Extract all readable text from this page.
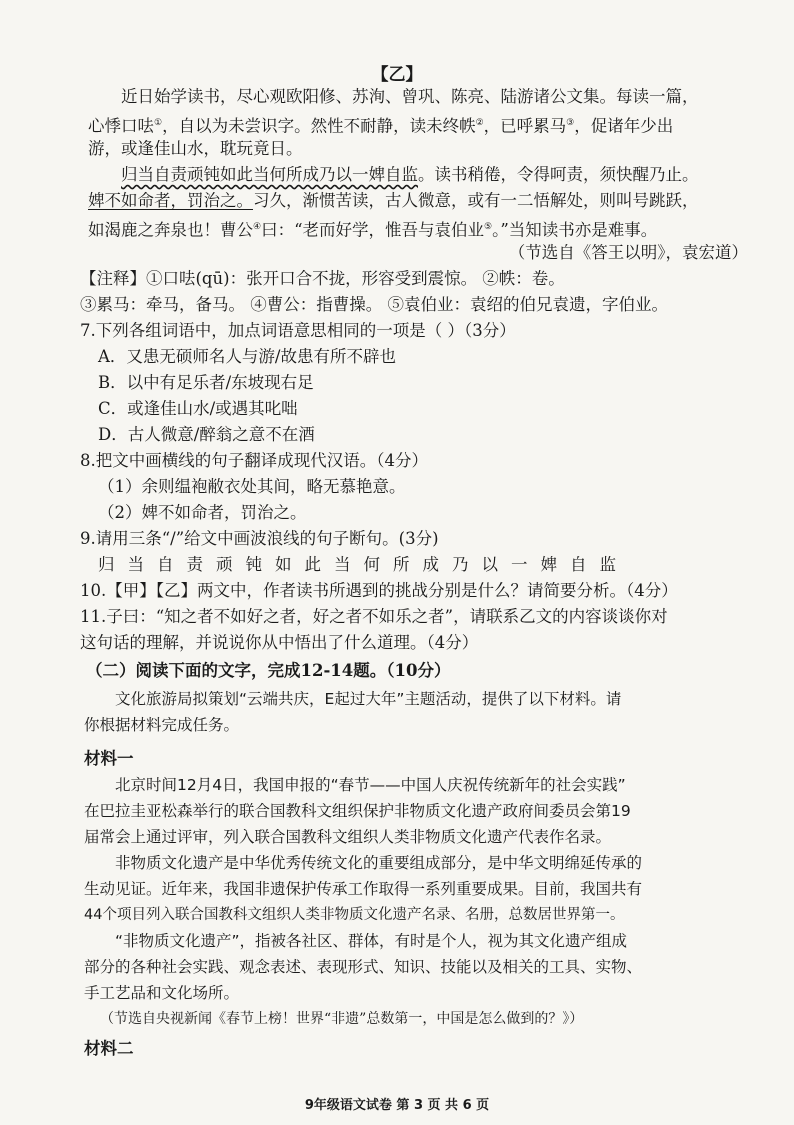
【乙】
近日始学读书，尽心观欧阳修、苏洵、曾巩、陈亮、陆游诸公文集。每读一篇，
心悸口呿①，自以为未尝识字。然性不耐静，读未终帙②，已呼累马③，促诸年少出
游，或逢佳山水，耽玩竟日。
归当自责顽钝如此当何所成乃以一婢自监。读书稍倦，令得呵责，须快醒乃止。
婢不如命者，罚治之。习久，渐惯苦读，古人微意，或有一二悟解处，则叫号跳跃，
如渴鹿之奔泉也！曹公④曰：“老而好学，惟吾与袁伯业⑤。”当知读书亦是难事。
（节选自《答王以明》，袁宏道）
【注释】①口呿(qū)：张开口合不拢，形容受到震惊。 ②帙：卷。
③累马：牵马，备马。 ④曹公：指曹操。 ⑤袁伯业：袁绍的伯兄袁遗，字伯业。
7.下列各组词语中，加点词语意思相同的一项是（ ）（3分）
A．又患无硕师名人与游/故患有所不辟也
B．以中有足乐者/东坡现右足
C．或逢佳山水/或遇其叱咄
D．古人微意/醉翁之意不在酒
8.把文中画横线的句子翻译成现代汉语。（4分）
（1）余则缊袍敝衣处其间，略无慕艳意。
（2）婢不如命者，罚治之。
9.请用三条“/”给文中画波浪线的句子断句。(3分)
归当自责顽钝如此当何所成乃以一婢自监
10.【甲】【乙】两文中，作者读书所遇到的挑战分别是什么？请简要分析。（4分）
11.子曰：“知之者不如好之者，好之者不如乐之者”，请联系乙文的内容谈谈你对
这句话的理解，并说说你从中悟出了什么道理。（4分）
（二）阅读下面的文字，完成12-14题。（10分）
文化旅游局拟策划“云端共庆，E起过大年”主题活动，提供了以下材料。请
你根据材料完成任务。
材料一
北京时间12月4日，我国申报的“春节——中国人庆祝传统新年的社会实践”
在巴拉圭亚松森举行的联合国教科文组织保护非物质文化遗产政府间委员会第19
届常会上通过评审，列入联合国教科文组织人类非物质文化遗产代表作名录。
非物质文化遗产是中华优秀传统文化的重要组成部分，是中华文明绵延传承的
生动见证。近年来，我国非遗保护传承工作取得一系列重要成果。目前，我国共有
44个项目列入联合国教科文组织人类非物质文化遗产名录、名册，总数居世界第一。
“非物质文化遗产”，指被各社区、群体，有时是个人，视为其文化遗产组成
部分的各种社会实践、观念表述、表现形式、知识、技能以及相关的工具、实物、
手工艺品和文化场所。
（节选自央视新闻《春节上榜！世界“非遗”总数第一，中国是怎么做到的？》）
材料二
9年级语文试卷 第 3 页 共 6 页
